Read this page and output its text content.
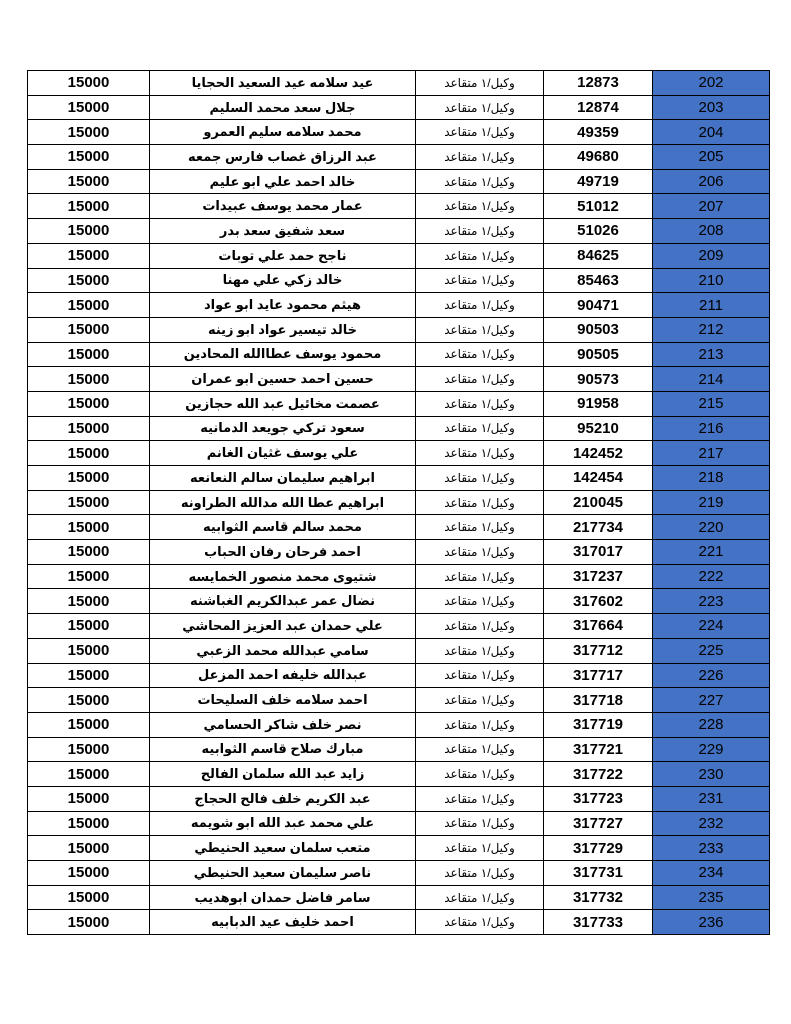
15000	عيد سلامه عيد السعيد الحجايا	وكيل/١ متقاعد	12873	202
15000	جلال سعد محمد السليم	وكيل/١ متقاعد	12874	203
15000	محمد سلامه سليم العمرو	وكيل/١ متقاعد	49359	204
15000	عبد الرزاق غصاب فارس جمعه	وكيل/١ متقاعد	49680	205
15000	خالد احمد علي ابو عليم	وكيل/١ متقاعد	49719	206
15000	عمار محمد يوسف عبيدات	وكيل/١ متقاعد	51012	207
15000	سعد شفيق سعد بدر	وكيل/١ متقاعد	51026	208
15000	ناجح حمد علي توبات	وكيل/١ متقاعد	84625	209
15000	خالد زكي علي مهنا	وكيل/١ متقاعد	85463	210
15000	هيثم محمود عايد ابو عواد	وكيل/١ متقاعد	90471	211
15000	خالد تيسير عواد ابو زينه	وكيل/١ متقاعد	90503	212
15000	محمود يوسف عطاالله المحادين	وكيل/١ متقاعد	90505	213
15000	حسين احمد حسين ابو عمران	وكيل/١ متقاعد	90573	214
15000	عصمت مخائيل عبد الله حجازين	وكيل/١ متقاعد	91958	215
15000	سعود تركي جويعد الدمانيه	وكيل/١ متقاعد	95210	216
15000	علي يوسف غثيان الغانم	وكيل/١ متقاعد	142452	217
15000	ابراهيم سليمان سالم النعانعه	وكيل/١ متقاعد	142454	218
15000	ابراهيم عطا الله مدالله الطراونه	وكيل/١ متقاعد	210045	219
15000	محمد سالم قاسم الثوابيه	وكيل/١ متقاعد	217734	220
15000	احمد فرحان رفان الحباب	وكيل/١ متقاعد	317017	221
15000	شتيوى محمد منصور الخمايسه	وكيل/١ متقاعد	317237	222
15000	نضال عمر عبدالكريم الغباشنه	وكيل/١ متقاعد	317602	223
15000	علي حمدان عبد العزيز المحاشي	وكيل/١ متقاعد	317664	224
15000	سامي عبدالله محمد الزعبي	وكيل/١ متقاعد	317712	225
15000	عبدالله خليفه احمد المزعل	وكيل/١ متقاعد	317717	226
15000	احمد سلامه خلف السليحات	وكيل/١ متقاعد	317718	227
15000	نصر خلف شاكر الحسامي	وكيل/١ متقاعد	317719	228
15000	مبارك صلاح قاسم الثوابيه	وكيل/١ متقاعد	317721	229
15000	زايد عبد الله سلمان الفالح	وكيل/١ متقاعد	317722	230
15000	عبد الكريم خلف فالح الحجاج	وكيل/١ متقاعد	317723	231
15000	علي محمد عبد الله ابو شويمه	وكيل/١ متقاعد	317727	232
15000	متعب سلمان سعيد الحنيطي	وكيل/١ متقاعد	317729	233
15000	ناصر سليمان سعيد الحنيطي	وكيل/١ متقاعد	317731	234
15000	سامر فاضل حمدان ابوهديب	وكيل/١ متقاعد	317732	235
15000	احمد خليف عيد الدبابيه	وكيل/١ متقاعد	317733	236
